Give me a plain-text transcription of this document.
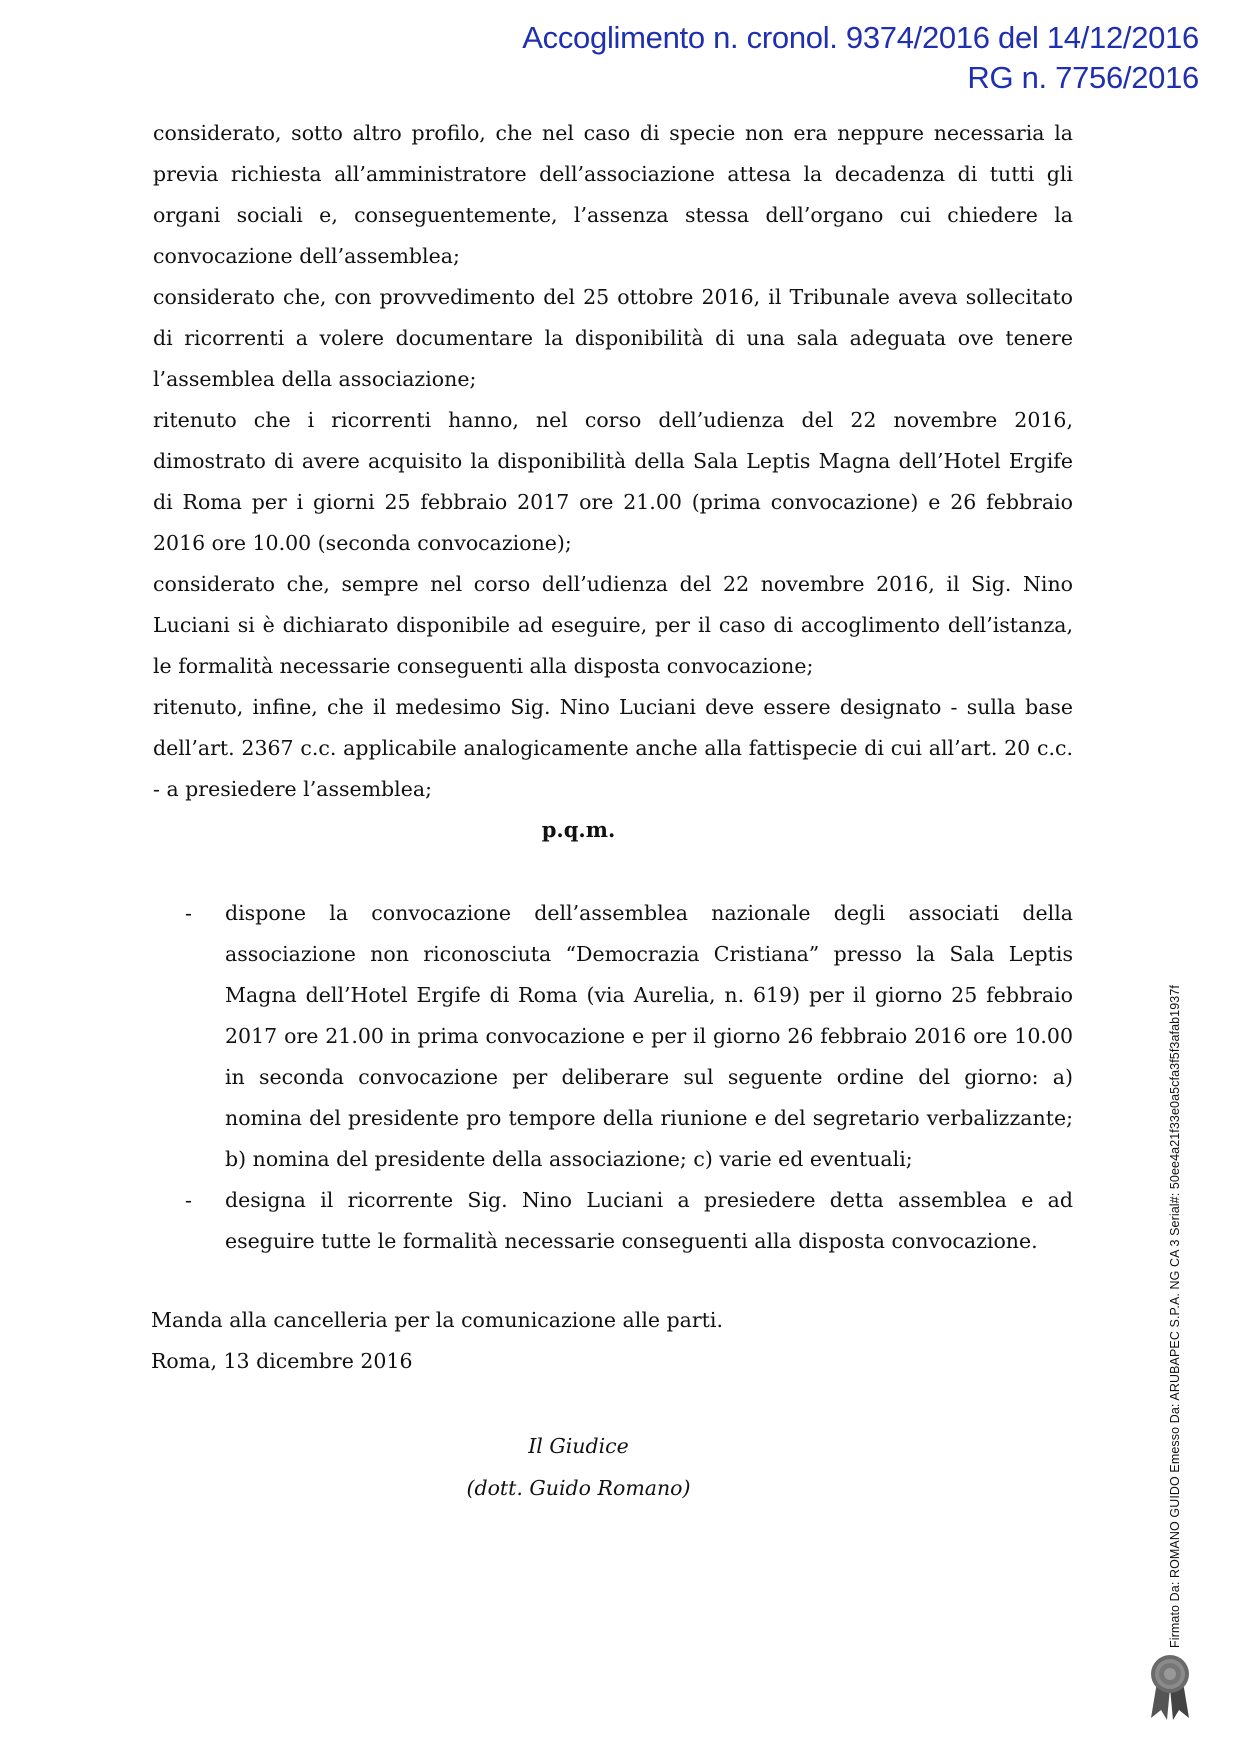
Accoglimento n. cronol. 9374/2016 del 14/12/2016
RG n. 7756/2016

considerato, sotto altro profilo, che nel caso di specie non era neppure necessaria la previa richiesta all’amministratore dell’associazione attesa la decadenza di tutti gli organi sociali e, conseguentemente, l’assenza stessa dell’organo cui chiedere la convocazione dell’assemblea;

considerato che, con provvedimento del 25 ottobre 2016, il Tribunale aveva sollecitato di ricorrenti a volere documentare la disponibilità di una sala adeguata ove tenere l’assemblea della associazione;

ritenuto che i ricorrenti hanno, nel corso dell’udienza del 22 novembre 2016, dimostrato di avere acquisito la disponibilità della Sala Leptis Magna dell’Hotel Ergife di Roma per i giorni 25 febbraio 2017 ore 21.00 (prima convocazione) e 26 febbraio 2016 ore 10.00 (seconda convocazione);

considerato che, sempre nel corso dell’udienza del 22 novembre 2016, il Sig. Nino Luciani si è dichiarato disponibile ad eseguire, per il caso di accoglimento dell’istanza, le formalità necessarie conseguenti alla disposta convocazione;

ritenuto, infine, che il medesimo Sig. Nino Luciani deve essere designato - sulla base dell’art. 2367 c.c. applicabile analogicamente anche alla fattispecie di cui all’art. 20 c.c. - a presiedere l’assemblea;

p.q.m.
- dispone la convocazione dell’assemblea nazionale degli associati della associazione non riconosciuta “Democrazia Cristiana” presso la Sala Leptis Magna dell’Hotel Ergife di Roma (via Aurelia, n. 619) per il giorno 25 febbraio 2017 ore 21.00 in prima convocazione e per il giorno 26 febbraio 2016 ore 10.00 in seconda convocazione per deliberare sul seguente ordine del giorno: a) nomina del presidente pro tempore della riunione e del segretario verbalizzante; b) nomina del presidente della associazione; c) varie ed eventuali;
- designa il ricorrente Sig. Nino Luciani a presiedere detta assemblea e ad eseguire tutte le formalità necessarie conseguenti alla disposta convocazione.
Manda alla cancelleria per la comunicazione alle parti.
Roma, 13 dicembre 2016
Il Giudice
(dott. Guido Romano)	Firmato Da: ROMANO GUIDO Emesso Da: ARUBAPEC S.P.A. NG CA 3 Serial#: 50ee4a21f33e0a5cfa3f5f3afab1937f
